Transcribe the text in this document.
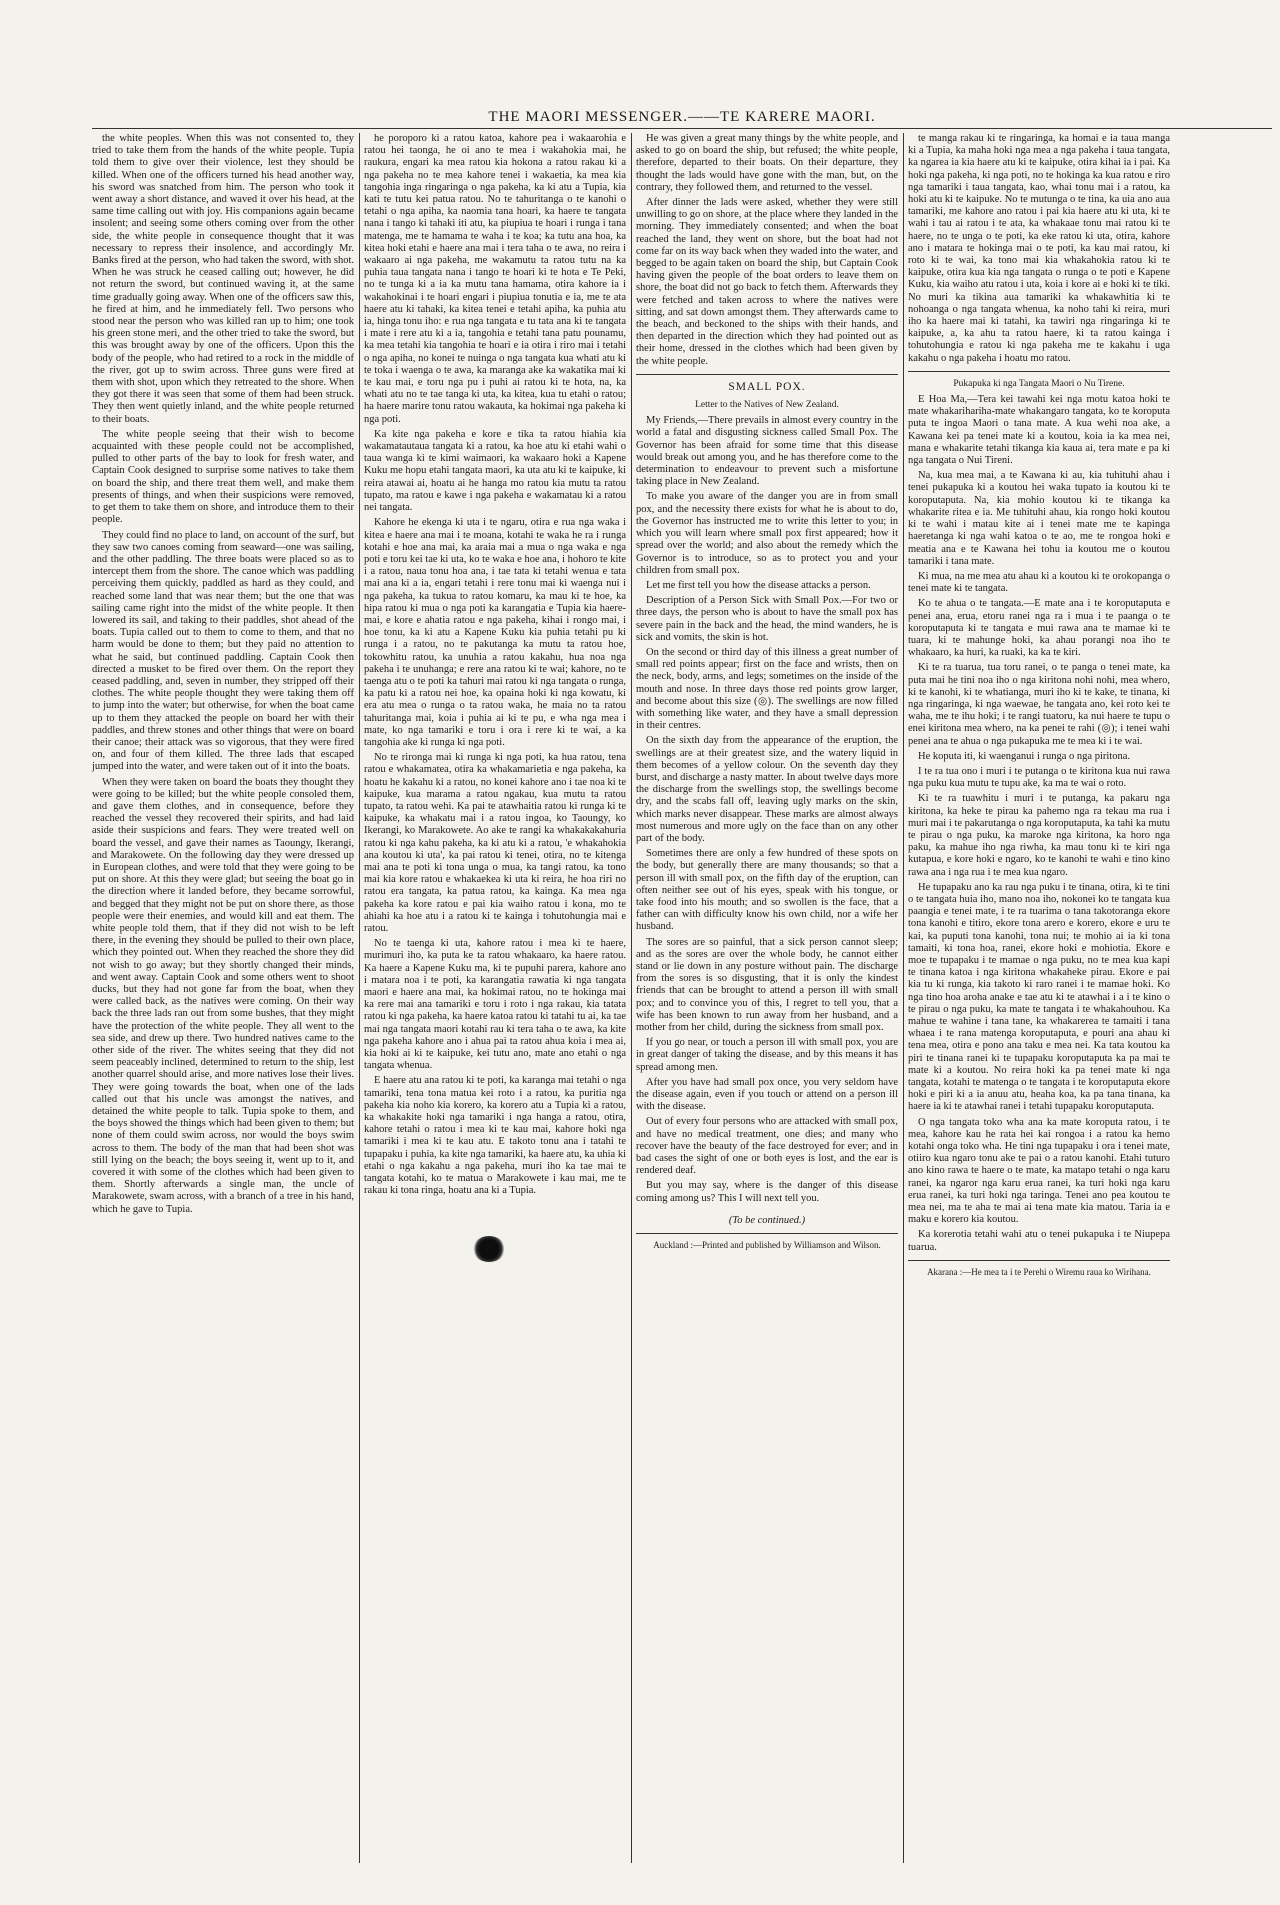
THE MAORI MESSENGER.——TE KARERE MAORI.

the white peoples. When this was not consented to, they tried to take them from the hands of the white people. Tupia told them to give over their violence, lest they should be killed. When one of the officers turned his head another way, his sword was snatched from him. The person who took it went away a short distance, and waved it over his head, at the same time calling out with joy. His companions again became insolent; and seeing some others coming over from the other side, the white people in consequence thought that it was necessary to repress their insolence, and accordingly Mr. Banks fired at the person, who had taken the sword, with shot. When he was struck he ceased calling out; however, he did not return the sword, but continued waving it, at the same time gradually going away. When one of the officers saw this, he fired at him, and he immediately fell. Two persons who stood near the person who was killed ran up to him; one took his green stone meri, and the other tried to take the sword, but this was brought away by one of the officers. Upon this the body of the people, who had retired to a rock in the middle of the river, got up to swim across. Three guns were fired at them with shot, upon which they retreated to the shore. When they got there it was seen that some of them had been struck. They then went quietly inland, and the white people returned to their boats.

The white people seeing that their wish to become acquainted with these people could not be accomplished, pulled to other parts of the bay to look for fresh water, and Captain Cook designed to surprise some natives to take them on board the ship, and there treat them well, and make them presents of things, and when their suspicions were removed, to get them to take them on shore, and introduce them to their people.

They could find no place to land, on account of the surf, but they saw two canoes coming from seaward—one was sailing, and the other paddling. The three boats were placed so as to intercept them from the shore. The canoe which was paddling perceiving them quickly, paddled as hard as they could, and reached some land that was near them; but the one that was sailing came right into the midst of the white people. It then lowered its sail, and taking to their paddles, shot ahead of the boats. Tupia called out to them to come to them, and that no harm would be done to them; but they paid no attention to what he said, but continued paddling. Captain Cook then directed a musket to be fired over them. On the report they ceased paddling, and, seven in number, they stripped off their clothes. The white people thought they were taking them off to jump into the water; but otherwise, for when the boat came up to them they attacked the people on board her with their paddles, and threw stones and other things that were on board their canoe; their attack was so vigorous, that they were fired on, and four of them killed. The three lads that escaped jumped into the water, and were taken out of it into the boats.

When they were taken on board the boats they thought they were going to be killed; but the white people consoled them, and gave them clothes, and in consequence, before they reached the vessel they recovered their spirits, and had laid aside their suspicions and fears. They were treated well on board the vessel, and gave their names as Taoungy, Ikerangi, and Marakowete. On the following day they were dressed up in European clothes, and were told that they were going to be put on shore. At this they were glad; but seeing the boat go in the direction where it landed before, they became sorrowful, and begged that they might not be put on shore there, as those people were their enemies, and would kill and eat them. The white people told them, that if they did not wish to be left there, in the evening they should be pulled to their own place, which they pointed out. When they reached the shore they did not wish to go away; but they shortly changed their minds, and went away. Captain Cook and some others went to shoot ducks, but they had not gone far from the boat, when they were called back, as the natives were coming. On their way back the three lads ran out from some bushes, that they might have the protection of the white people. They all went to the sea side, and drew up there. Two hundred natives came to the other side of the river. The whites seeing that they did not seem peaceably inclined, determined to return to the ship, lest another quarrel should arise, and more natives lose their lives. They were going towards the boat, when one of the lads called out that his uncle was amongst the natives, and detained the white people to talk. Tupia spoke to them, and the boys showed the things which had been given to them; but none of them could swim across, nor would the boys swim across to them. The body of the man that had been shot was still lying on the beach; the boys seeing it, went up to it, and covered it with some of the clothes which had been given to them. Shortly afterwards a single man, the uncle of Marakowete, swam across, with a branch of a tree in his hand, which he gave to Tupia.

he poroporo ki a ratou katoa, kahore pea i wakaarohia e ratou hei taonga, he oi ano te mea i wakahokia mai, he raukura, engari ka mea ratou kia hokona a ratou rakau ki a nga pakeha no te mea kahore tenei i wakaetia, ka mea kia tangohia inga ringaringa o nga pakeha, ka ki atu a Tupia, kia kati te tutu kei patua ratou. No te tahuritanga o te kanohi o tetahi o nga apiha, ka naomia tana hoari, ka haere te tangata nana i tango ki tahaki iti atu, ka piupiua te hoari i runga i tana matenga, me te hamama te waha i te koa; ka tutu ana hoa, ka kitea hoki etahi e haere ana mai i tera taha o te awa, no reira i wakaaro ai nga pakeha, me wakamutu ta ratou tutu na ka puhia taua tangata nana i tango te hoari ki te hota e Te Peki, no te tunga ki a ia ka mutu tana hamama, otira kahore ia i wakahokinai i te hoari engari i piupiua tonutia e ia, me te ata haere atu ki tahaki, ka kitea tenei e tetahi apiha, ka puhia atu ia, hinga tonu iho: e rua nga tangata e tu tata ana ki te tangata i mate i rere atu ki a ia, tangohia e tetahi tana patu pounamu, ka mea tetahi kia tangohia te hoari e ia otira i riro mai i tetahi o nga apiha, no konei te nuinga o nga tangata kua whati atu ki te toka i waenga o te awa, ka maranga ake ka wakatika mai ki te kau mai, e toru nga pu i puhi ai ratou ki te hota, na, ka whati atu no te tae tanga ki uta, ka kitea, kua tu etahi o ratou; ha haere marire tonu ratou wakauta, ka hokimai nga pakeha ki nga poti.

Ka kite nga pakeha e kore e tika ta ratou hiahia kia wakamatautaua tangata ki a ratou, ka hoe atu ki etahi wahi o taua wanga ki te kimi waimaori, ka wakaaro hoki a Kapene Kuku me hopu etahi tangata maori, ka uta atu ki te kaipuke, ki reira atawai ai, hoatu ai he hanga mo ratou kia mutu ta ratou tupato, ma ratou e kawe i nga pakeha e wakamatau ki a ratou nei tangata.

Kahore he ekenga ki uta i te ngaru, otira e rua nga waka i kitea e haere ana mai i te moana, kotahi te waka he ra i runga kotahi e hoe ana mai, ka araia mai a mua o nga waka e nga poti e toru kei tae ki uta, ko te waka e hoe ana, i hohoro te kite i a ratou, naua tonu hoa ana, i tae tata ki tetahi wenua e tata mai ana ki a ia, engari tetahi i rere tonu mai ki waenga nui i nga pakeha, ka tukua to ratou komaru, ka mau ki te hoe, ka hipa ratou ki mua o nga poti ka karangatia e Tupia kia haere-mai, e kore e ahatia ratou e nga pakeha, kihai i rongo mai, i hoe tonu, ka ki atu a Kapene Kuku kia puhia tetahi pu ki runga i a ratou, no te pakutanga ka mutu ta ratou hoe, tokowhitu ratou, ka unuhia a ratou kakahu, hua noa nga pakeha i te unuhanga; e rere ana ratou ki te wai; kahore, no te taenga atu o te poti ka tahuri mai ratou ki nga tangata o runga, ka patu ki a ratou nei hoe, ka opaina hoki ki nga kowatu, ki era atu mea o runga o ta ratou waka, he maia no ta ratou tahuritanga mai, koia i puhia ai ki te pu, e wha nga mea i mate, ko nga tamariki e toru i ora i rere ki te wai, a ka tangohia ake ki runga ki nga poti.

No te rironga mai ki runga ki nga poti, ka hua ratou, tena ratou e whakamatea, otira ka whakamarietia e nga pakeha, ka hoatu he kakahu ki a ratou, no konei kahore ano i tae noa ki te kaipuke, kua marama a ratou ngakau, kua mutu ta ratou tupato, ta ratou wehi. Ka pai te atawhaitia ratou ki runga ki te kaipuke, ka whakatu mai i a ratou ingoa, ko Taoungy, ko Ikerangi, ko Marakowete. Ao ake te rangi ka whakakakahuria ratou ki nga kahu pakeha, ka ki atu ki a ratou, 'e whakahokia ana koutou ki uta', ka pai ratou ki tenei, otira, no te kitenga mai ana te poti ki tona unga o mua, ka tangi ratou, ka tono mai kia kore ratou e whakaekea ki uta ki reira, he hoa riri no ratou era tangata, ka patua ratou, ka kainga. Ka mea nga pakeha ka kore ratou e pai kia waiho ratou i kona, mo te ahiahi ka hoe atu i a ratou ki te kainga i tohutohungia mai e ratou.

No te taenga ki uta, kahore ratou i mea ki te haere, murimuri iho, ka puta ke ta ratou whakaaro, ka haere ratou. Ka haere a Kapene Kuku ma, ki te pupuhi parera, kahore ano i matara noa i te poti, ka karangatia rawatia ki nga tangata maori e haere ana mai, ka hokimai ratou, no te hokinga mai ka rere mai ana tamariki e toru i roto i nga rakau, kia tatata ratou ki nga pakeha, ka haere katoa ratou ki tatahi tu ai, ka tae mai nga tangata maori kotahi rau ki tera taha o te awa, ka kite nga pakeha kahore ano i ahua pai ta ratou ahua koia i mea ai, kia hoki ai ki te kaipuke, kei tutu ano, mate ano etahi o nga tangata whenua.

E haere atu ana ratou ki te poti, ka karanga mai tetahi o nga tamariki, tena tona matua kei roto i a ratou, ka puritia nga pakeha kia noho kia korero, ka korero atu a Tupia ki a ratou, ka whakakite hoki nga tamariki i nga hanga a ratou, otira, kahore tetahi o ratou i mea ki te kau mai, kahore hoki nga tamariki i mea ki te kau atu. E takoto tonu ana i tatahi te tupapaku i puhia, ka kite nga tamariki, ka haere atu, ka uhia ki etahi o nga kakahu a nga pakeha, muri iho ka tae mai te tangata kotahi, ko te matua o Marakowete i kau mai, me te rakau ki tona ringa, hoatu ana ki a Tupia.

He was given a great many things by the white people, and asked to go on board the ship, but refused; the white people, therefore, departed to their boats. On their departure, they thought the lads would have gone with the man, but, on the contrary, they followed them, and returned to the vessel.

After dinner the lads were asked, whether they were still unwilling to go on shore, at the place where they landed in the morning. They immediately consented; and when the boat reached the land, they went on shore, but the boat had not come far on its way back when they waded into the water, and begged to be again taken on board the ship, but Captain Cook having given the people of the boat orders to leave them on shore, the boat did not go back to fetch them. Afterwards they were fetched and taken across to where the natives were sitting, and sat down amongst them. They afterwards came to the beach, and beckoned to the ships with their hands, and then departed in the direction which they had pointed out as their home, dressed in the clothes which had been given by the white people.

SMALL POX.
Letter to the Natives of New Zealand.

My Friends,—There prevails in almost every country in the world a fatal and disgusting sickness called Small Pox. The Governor has been afraid for some time that this disease would break out among you, and he has therefore come to the determination to endeavour to prevent such a misfortune taking place in New Zealand.

To make you aware of the danger you are in from small pox, and the necessity there exists for what he is about to do, the Governor has instructed me to write this letter to you; in which you will learn where small pox first appeared; how it spread over the world; and also about the remedy which the Governor is to introduce, so as to protect you and your children from small pox.

Let me first tell you how the disease attacks a person.

Description of a Person Sick with Small Pox.—For two or three days, the person who is about to have the small pox has severe pain in the back and the head, the mind wanders, he is sick and vomits, the skin is hot.

On the second or third day of this illness a great number of small red points appear; first on the face and wrists, then on the neck, body, arms, and legs; sometimes on the inside of the mouth and nose. In three days those red points grow larger, and become about this size (◎). The swellings are now filled with something like water, and they have a small depression in their centres.

On the sixth day from the appearance of the eruption, the swellings are at their greatest size, and the watery liquid in them becomes of a yellow colour. On the seventh day they burst, and discharge a nasty matter. In about twelve days more the discharge from the swellings stop, the swellings become dry, and the scabs fall off, leaving ugly marks on the skin, which marks never disappear. These marks are almost always most numerous and more ugly on the face than on any other part of the body.

Sometimes there are only a few hundred of these spots on the body, but generally there are many thousands; so that a person ill with small pox, on the fifth day of the eruption, can often neither see out of his eyes, speak with his tongue, or take food into his mouth; and so swollen is the face, that a father can with difficulty know his own child, nor a wife her husband.

The sores are so painful, that a sick person cannot sleep; and as the sores are over the whole body, he cannot either stand or lie down in any posture without pain. The discharge from the sores is so disgusting, that it is only the kindest friends that can be brought to attend a person ill with small pox; and to convince you of this, I regret to tell you, that a wife has been known to run away from her husband, and a mother from her child, during the sickness from small pox.

If you go near, or touch a person ill with small pox, you are in great danger of taking the disease, and by this means it has spread among men.

After you have had small pox once, you very seldom have the disease again, even if you touch or attend on a person ill with the disease.

Out of every four persons who are attacked with small pox, and have no medical treatment, one dies; and many who recover have the beauty of the face destroyed for ever; and in bad cases the sight of one or both eyes is lost, and the ear is rendered deaf.

But you may say, where is the danger of this disease coming among us? This I will next tell you.

(To be continued.)
Auckland :—Printed and published by Williamson and Wilson.

te manga rakau ki te ringaringa, ka homai e ia taua manga ki a Tupia, ka maha hoki nga mea a nga pakeha i taua tangata, ka ngarea ia kia haere atu ki te kaipuke, otira kihai ia i pai. Ka hoki nga pakeha, ki nga poti, no te hokinga ka kua ratou e riro nga tamariki i taua tangata, kao, whai tonu mai i a ratou, ka hoki atu ki te kaipuke. No te mutunga o te tina, ka uia ano aua tamariki, me kahore ano ratou i pai kia haere atu ki uta, ki te wahi i tau ai ratou i te ata, ka whakaae tonu mai ratou ki te haere, no te unga o te poti, ka eke ratou ki uta, otira, kahore ano i matara te hokinga mai o te poti, ka kau mai ratou, ki roto ki te wai, ka tono mai kia whakahokia ratou ki te kaipuke, otira kua kia nga tangata o runga o te poti e Kapene Kuku, kia waiho atu ratou i uta, koia i kore ai e hoki ki te tiki. No muri ka tikina aua tamariki ka whakawhitia ki te nohoanga o nga tangata whenua, ka noho tahi ki reira, muri iho ka haere mai ki tatahi, ka tawiri nga ringaringa ki te kaipuke, a, ka ahu ta ratou haere, ki ta ratou kainga i tohutohungia e ratou ki nga pakeha me te kakahu i uga kakahu o nga pakeha i hoatu mo ratou.

Pukapuka ki nga Tangata Maori o Nu Tirene.

E Hoa Ma,—Tera kei tawahi kei nga motu katoa hoki te mate whakarihariha-mate whakangaro tangata, ko te koroputa puta te ingoa Maori o tana mate. A kua wehi noa ake, a Kawana kei pa tenei mate ki a koutou, koia ia ka mea nei, mana e whakarite tetahi tikanga kia kaua ai, tera mate e pa ki nga tangata o Nui Tireni.

Na, kua mea mai, a te Kawana ki au, kia tuhituhi ahau i tenei pukapuka ki a koutou hei waka tupato ia koutou ki te koroputaputa. Na, kia mohio koutou ki te tikanga ka whakarite ritea e ia. Me tuhituhi ahau, kia rongo hoki koutou ki te wahi i matau kite ai i tenei mate me te kapinga haeretanga ki nga wahi katoa o te ao, me te rongoa hoki e meatia ana e te Kawana hei tohu ia koutou me o koutou tamariki i tana mate.

Ki mua, na me mea atu ahau ki a koutou ki te orokopanga o tenei mate ki te tangata.

Ko te ahua o te tangata.—E mate ana i te koroputaputa e penei ana, erua, etoru ranei nga ra i mua i te paanga o te koroputaputa ki te tangata e mui rawa ana te mamae ki te tuara, ki te mahunge hoki, ka ahau porangi noa iho te whakaaro, ka huri, ka ruaki, ka ka te kiri.

Ki te ra tuarua, tua toru ranei, o te panga o tenei mate, ka puta mai he tini noa iho o nga kiritona nohi nohi, mea whero, ki te kanohi, ki te whatianga, muri iho ki te kake, te tinana, ki nga ringaringa, ki nga waewae, he tangata ano, kei roto kei te waha, me te ihu hoki; i te rangi tuatoru, ka nui haere te tupu o enei kiritona mea whero, na ka penei te rahi (◎); i tenei wahi penei ana te ahua o nga pukapuka me te mea ki i te wai.

He koputa iti, ki waenganui i runga o nga piritona.

I te ra tua ono i muri i te putanga o te kiritona kua nui rawa nga puku kua mutu te tupu ake, ka ma te wai o roto.

Ki te ra tuawhitu i muri i te putanga, ka pakaru nga kiritona, ka heke te pirau ka pahemo nga ra tekau ma rua i muri mai i te pakarutanga o nga koroputaputa, ka tahi ka mutu te pirau o nga puku, ka maroke nga kiritona, ka horo nga paku, ka mahue iho nga riwha, ka mau tonu ki te kiri nga kutapua, e kore hoki e ngaro, ko te kanohi te wahi e tino kino rawa ana i nga rua i te mea kua ngaro.

He tupapaku ano ka rau nga puku i te tinana, otira, ki te tini o te tangata huia iho, mano noa iho, nokonei ko te tangata kua paangia e tenei mate, i te ra tuarima o tana takotoranga ekore tona kanohi e titiro, ekore tona arero e korero, ekore e uru te kai, ka puputi tona kanohi, tona nui; te mohio ai ia ki tona tamaiti, ki tona hoa, ranei, ekore hoki e mohiotia. Ekore e moe te tupapaku i te mamae o nga puku, no te mea kua kapi te tinana katoa i nga kiritona whakaheke pirau. Ekore e pai kia tu ki runga, kia takoto ki raro ranei i te mamae hoki. Ko nga tino hoa aroha anake e tae atu ki te atawhai i a i te kino o te pirau o nga puku, ka mate te tangata i te whakahouhou. Ka mahue te wahine i tana tane, ka whakarerea te tamaiti i tana whaea i te rana matenga koroputaputa, e pouri ana ahau ki tena mea, otira e pono ana taku e mea nei. Ka tata koutou ka piri te tinana ranei ki te tupapaku koroputaputa ka pa mai te mate ki a koutou. No reira hoki ka pa tenei mate ki nga tangata, kotahi te matenga o te tangata i te koroputaputa ekore hoki e piri ki a ia anuu atu, heaha koa, ka pa tana tinana, ka haere ia ki te atawhai ranei i tetahi tupapaku koroputaputa.

O nga tangata toko wha ana ka mate koroputa ratou, i te mea, kahore kau he rata hei kai rongoa i a ratou ka hemo kotahi onga toko wha. He tini nga tupapaku i ora i tenei mate, otiiro kua ngaro tonu ake te pai o a ratou kanohi. Etahi tuturo ano kino rawa te haere o te mate, ka matapo tetahi o nga karu ranei, ka ngaror nga karu erua ranei, ka turi hoki nga karu erua ranei, ka turi hoki nga taringa. Tenei ano pea koutou te mea nei, ma te aha te mai ai tena mate kia matou. Taria ia e maku e korero kia koutou.

Ka korerotia tetahi wahi atu o tenei pukapuka i te Niupepa tuarua.

Akarana :—He mea ta i te Perehi o Wiremu raua ko Wirihana.
